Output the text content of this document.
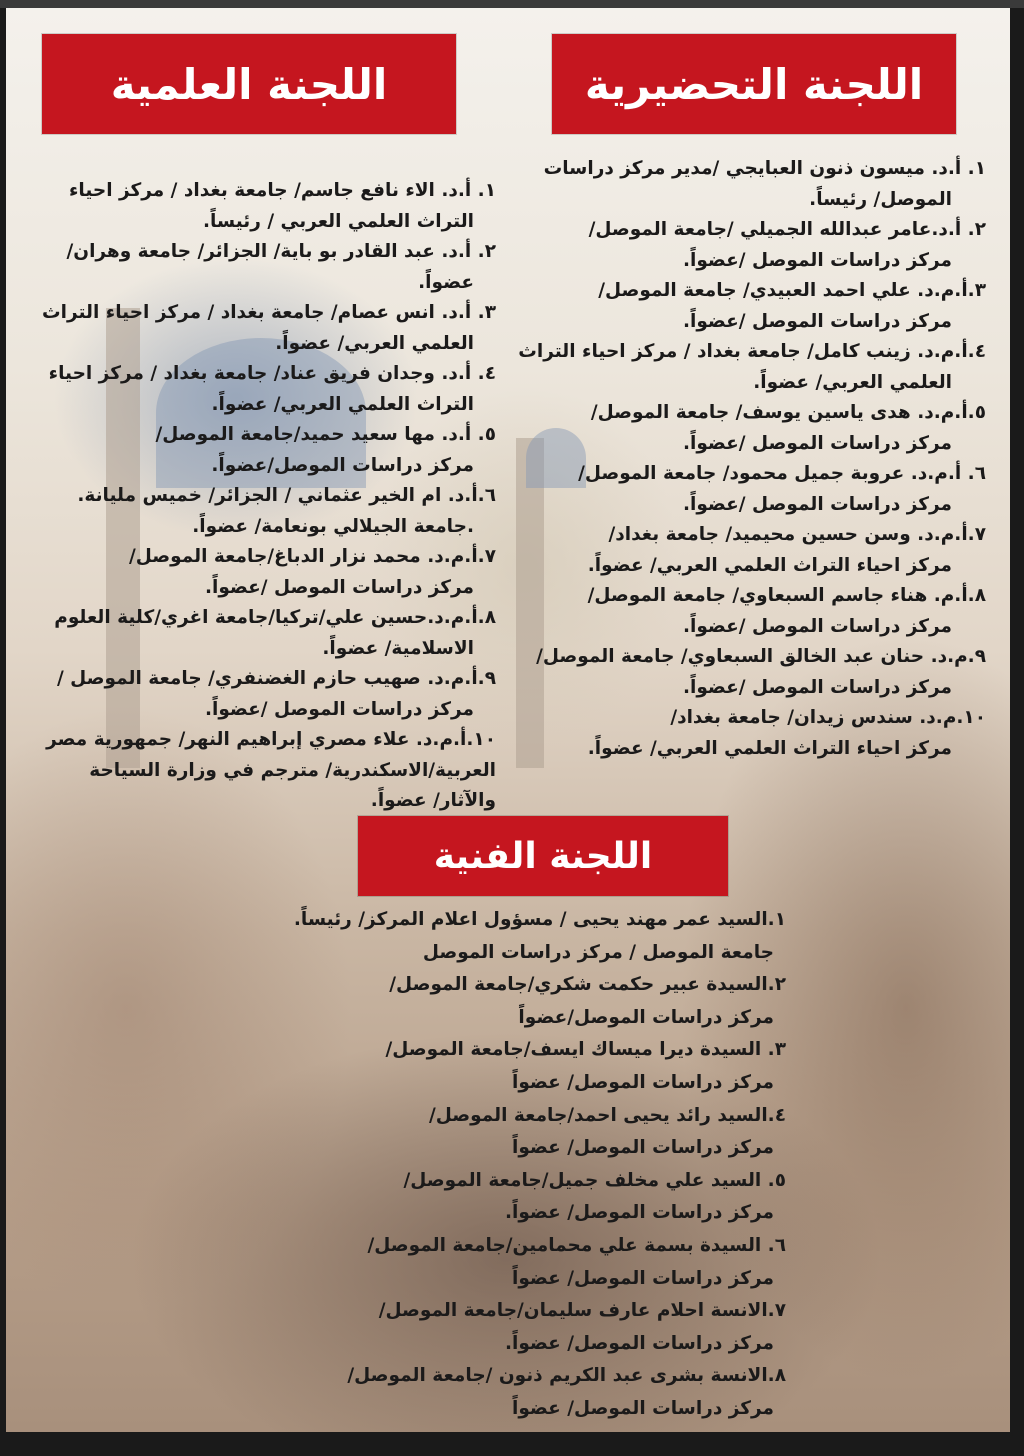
اللجنة التحضيرية
اللجنة العلمية
اللجنة الفنية
١. أ.د. ميسون ذنون العبايجي /مدير مركز دراسات
الموصل/ رئيساً.
٢. أ.د.عامر عبدالله الجميلي /جامعة الموصل/
مركز دراسات الموصل /عضواً.
٣.أ.م.د. علي احمد العبيدي/ جامعة الموصل/
مركز دراسات الموصل /عضواً.
٤.أ.م.د. زينب كامل/ جامعة بغداد / مركز احياء التراث
العلمي العربي/ عضواً.
٥.أ.م.د. هدى ياسين يوسف/ جامعة الموصل/
مركز دراسات الموصل /عضواً.
٦. أ.م.د. عروبة جميل محمود/ جامعة الموصل/
مركز دراسات الموصل /عضواً.
٧.أ.م.د. وسن حسين محيميد/ جامعة بغداد/
مركز احياء التراث العلمي العربي/ عضواً.
٨.أ.م. هناء جاسم السبعاوي/ جامعة الموصل/
مركز دراسات الموصل /عضواً.
٩.م.د. حنان عبد الخالق السبعاوي/ جامعة الموصل/
مركز دراسات الموصل /عضواً.
١٠.م.د. سندس زيدان/ جامعة بغداد/
مركز احياء التراث العلمي العربي/ عضواً.
١. أ.د. الاء نافع جاسم/ جامعة بغداد / مركز احياء
التراث العلمي العربي / رئيساً.
٢. أ.د. عبد القادر بو باية/ الجزائر/ جامعة وهران/
عضواً.
٣. أ.د. انس عصام/ جامعة بغداد / مركز احياء التراث
العلمي العربي/ عضواً.
٤. أ.د. وجدان فريق عناد/ جامعة بغداد / مركز احياء
التراث العلمي العربي/ عضواً.
٥. أ.د. مها سعيد حميد/جامعة الموصل/
مركز دراسات الموصل/عضواً.
٦.أ.د. ام الخير عثماني / الجزائر/ خميس مليانة.
.جامعة الجيلالي بونعامة/ عضواً.
٧.أ.م.د. محمد نزار الدباغ/جامعة الموصل/
مركز دراسات الموصل /عضواً.
٨.أ.م.د.حسين علي/تركيا/جامعة اغري/كلية العلوم
الاسلامية/ عضواً.
٩.أ.م.د. صهيب حازم الغضنفري/ جامعة الموصل /
مركز دراسات الموصل /عضواً.
١٠.أ.م.د. علاء مصري إبراهيم النهر/ جمهورية مصر
العربية/الاسكندرية/ مترجم في وزارة السياحة
والآثار/ عضواً.
١.السيد عمر مهند يحيى / مسؤول اعلام المركز/ رئيساً.
جامعة الموصل / مركز دراسات الموصل
٢.السيدة عبير حكمت شكري/جامعة الموصل/
مركز دراسات الموصل/عضواً
٣. السيدة ديرا ميساك ايسف/جامعة الموصل/
مركز دراسات الموصل/ عضواً
٤.السيد رائد يحيى احمد/جامعة الموصل/
مركز دراسات الموصل/ عضواً
٥. السيد علي مخلف جميل/جامعة الموصل/
مركز دراسات الموصل/ عضواً.
٦. السيدة بسمة علي محمامين/جامعة الموصل/
مركز دراسات الموصل/ عضواً
٧.الانسة احلام عارف سليمان/جامعة الموصل/
مركز دراسات الموصل/ عضواً.
٨.الانسة بشرى عبد الكريم ذنون /جامعة الموصل/
مركز دراسات الموصل/ عضواً
